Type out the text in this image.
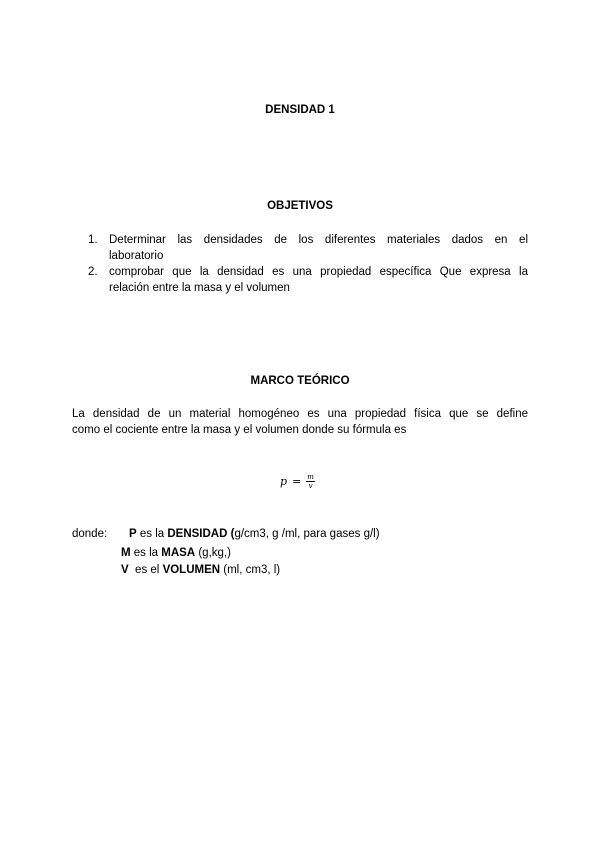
DENSIDAD 1
OBJETIVOS
1. Determinar las densidades de los diferentes materiales dados en el
laboratorio
2. comprobar que la densidad es una propiedad específica Que expresa la
relación entre la masa y el volumen
MARCO TEÓRICO
La densidad de un material homogéneo es una propiedad física que se define
como el cociente entre la masa y el volumen donde su fórmula es
$p = \frac{m}{v}$
donde: P es la DENSIDAD (g/cm3, g /ml, para gases g/l)
M es la MASA (g,kg,)
V  es el VOLUMEN (ml, cm3, l)
